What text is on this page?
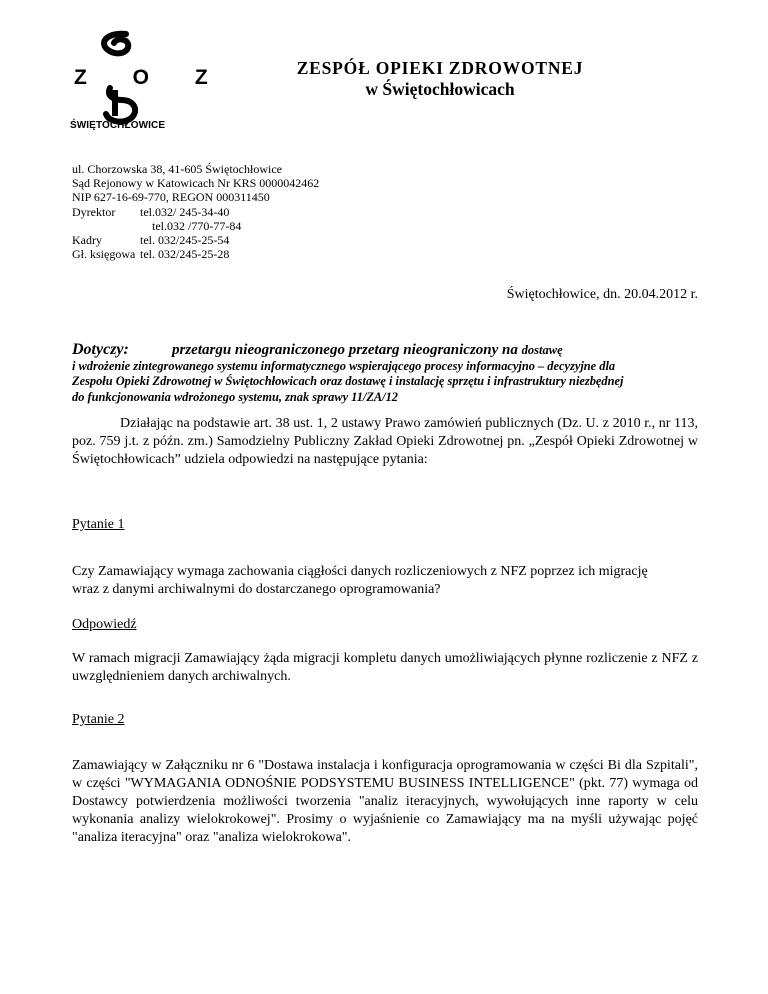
Z O Z
ŚWIĘTOCHŁOWICE
ZESPÓŁ OPIEKI ZDROWOTNEJ
w Świętochłowicach
ul. Chorzowska 38, 41-605 Świętochłowice
Sąd Rejonowy w Katowicach Nr KRS 0000042462
NIP 627-16-69-770, REGON 000311450
Dyrektor tel.032/ 245-34-40
tel.032 /770-77-84
Kadry	tel. 032/245-25-54
Gł. księgowa tel. 032/245-25-28
Świętochłowice, dn. 20.04.2012 r.
Dotyczy:	przetargu nieograniczonego przetarg nieograniczony na dostawę
i wdrożenie zintegrowanego systemu informatycznego wspierającego procesy informacyjno – decyzyjne dla Zespołu Opieki Zdrowotnej w Świętochłowicach oraz dostawę i instalację sprzętu i infrastruktury niezbędnej do funkcjonowania wdrożonego systemu, znak sprawy 11/ZA/12
Działając na podstawie art. 38 ust. 1, 2 ustawy Prawo zamówień publicznych (Dz. U. z 2010 r., nr 113, poz. 759 j.t. z późn. zm.) Samodzielny Publiczny Zakład Opieki Zdrowotnej pn. „Zespół Opieki Zdrowotnej w Świętochłowicach” udziela odpowiedzi na następujące pytania:
Pytanie 1
Czy Zamawiający wymaga zachowania ciągłości danych rozliczeniowych z NFZ poprzez ich migrację wraz z danymi archiwalnymi do dostarczanego oprogramowania?
Odpowiedź
W ramach migracji Zamawiający żąda migracji kompletu danych umożliwiających płynne rozliczenie z NFZ z uwzględnieniem danych archiwalnych.
Pytanie 2
Zamawiający w Załączniku nr 6 "Dostawa instalacja i konfiguracja oprogramowania w części Bi dla Szpitali", w części "WYMAGANIA ODNOŚNIE PODSYSTEMU BUSINESS INTELLIGENCE" (pkt. 77) wymaga od Dostawcy potwierdzenia możliwości tworzenia "analiz iteracyjnych, wywołujących inne raporty w celu wykonania analizy wielokrokowej". Prosimy o wyjaśnienie co Zamawiający ma na myśli używając pojęć "analiza iteracyjna" oraz "analiza wielokrokowa".
